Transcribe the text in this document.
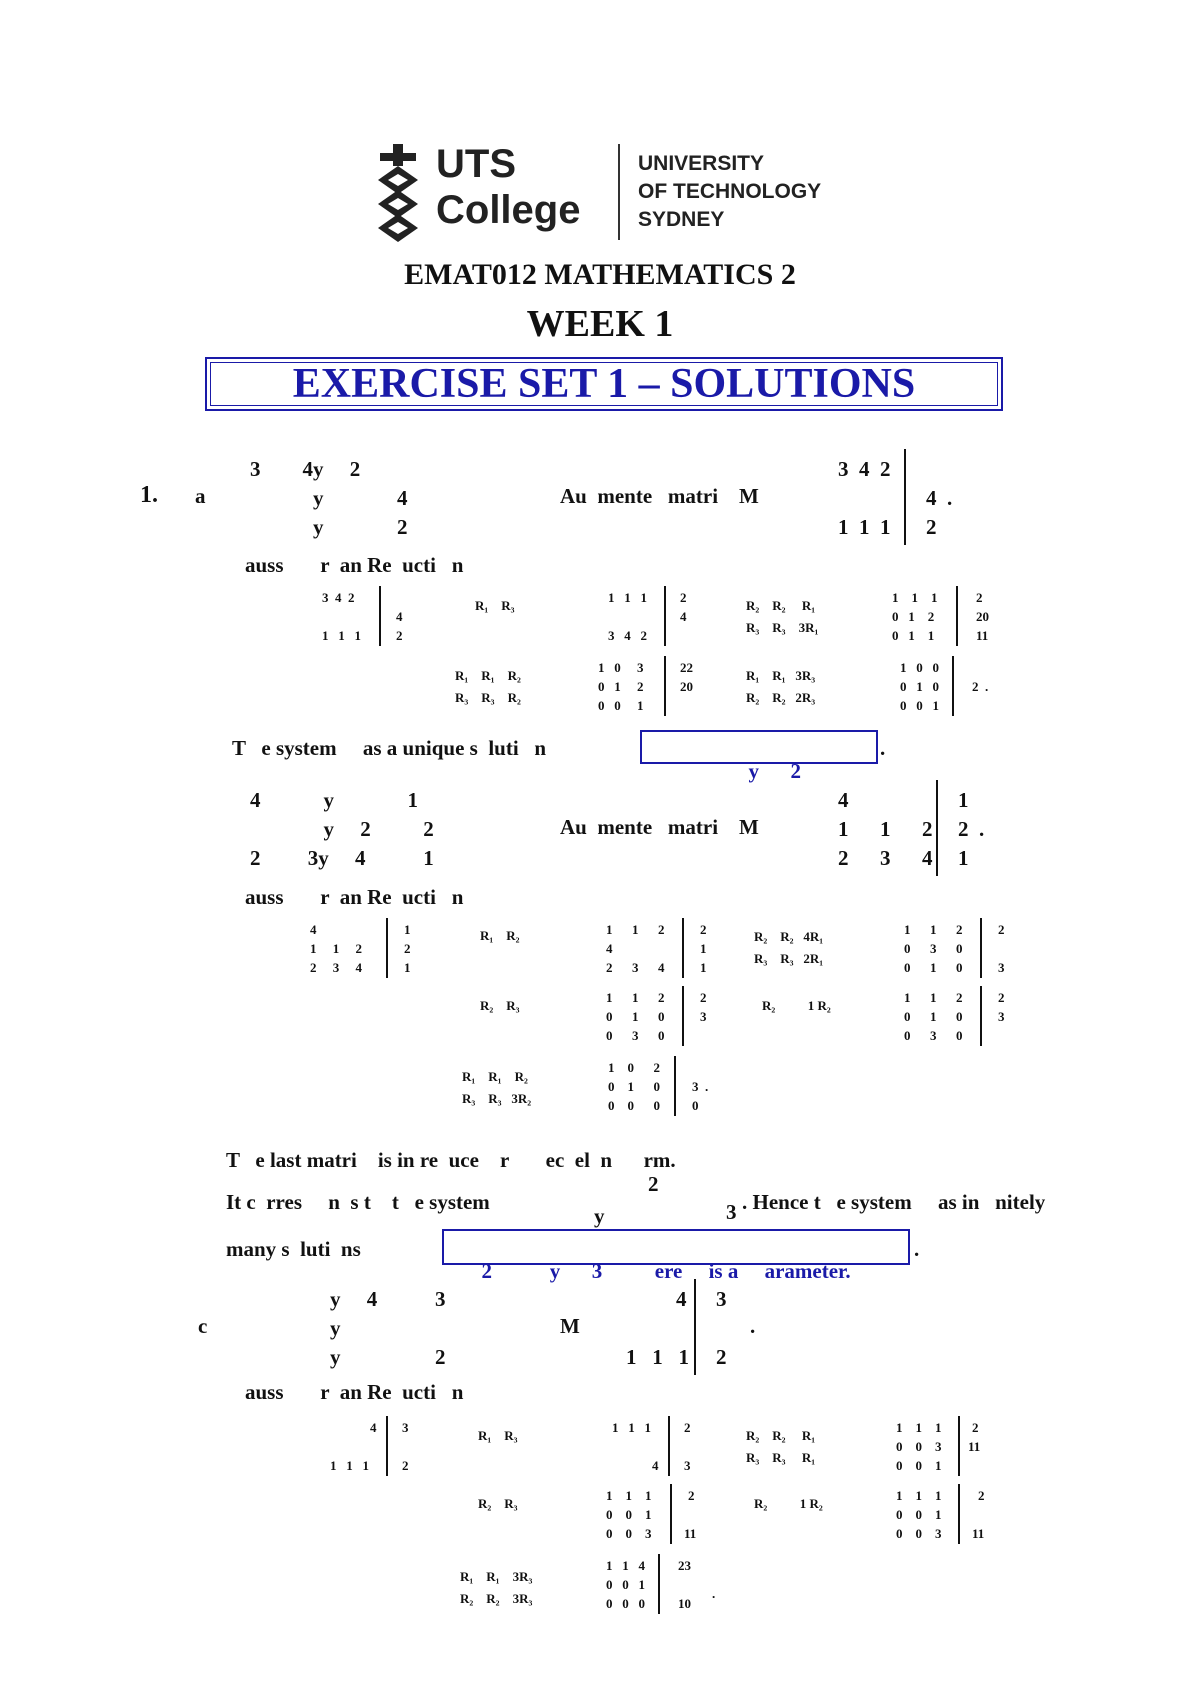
UTS
College
UNIVERSITY
OF TECHNOLOGY
SYDNEY
EMAT012 MATHEMATICS 2
WEEK 1
EXERCISE SET 1 – SOLUTIONS
1. a
3        4y     2
y              4
y              2
Au  mente   matri    M
3  4  2
1  1  1
4  .
2
auss       r  an Re  ucti   n
3  4  2
1   1   1
4
2
R₁    R₃
1   1   1
3   4   2
2
4
R₂    R₂     R₁
R₃    R₃    3R₁
1    1    1
0   1    2
0   1    1
2
20
11
R₁    R₁    R₂
R₃    R₃    R₂
1   0     3
0   1     2
0   0     1
22
20
R₁    R₁   3R₃
R₂    R₂   2R₃
1   0   0
0   1   0
0   0   1
2  .
T   e system     as a unique s  luti   n

y      2

.
4            y              1
y     2          2
2         3y     4           1
Au  mente   matri    M
4
1      1      2
2      3      4
1
2  .
1
auss       r  an Re  ucti   n
4
1     1     2
2     3     4
1
2
1
R₁    R₂	1      1      2
4
2      3      4
2
1
1
R₂    R₂   4R₁
R₃    R₃   2R₁
1      1      2
0      3      0
0      1      0
2
3
R₂    R₃
1      1      2
0      1      0
0      3      0
2
3
R₂          1 R₂
1      1      2
0      1      0
0      3      0
2
3
R₁    R₁    R₂
R₃    R₃   3R₂
1    0      2
0    1      0
0    0      0
3  .
0
T   e last matri    is in re  uce    r       ec  el  n      rm.
It c  rres     n  s t    t   e system
2
y	3 . Hence t   e system     as in   nitely
many s  luti  ns

2           y      3          ere     is a     arameter.

.
c
y     4           3
y
y                  2
M
4
1   1   1
3
2
.
auss       r  an Re  ucti   n
4
1   1   1
3
2
R₁    R₃
1   1   1
4
2
3
R₂    R₂     R₁
R₃    R₃     R₁
1    1    1
0    0    3
0    0    1
2
11
R₂    R₃
1    1    1
0    0    1
0    0    3
2
11
R₂          1 R₂
1    1    1
0    0    1
0    0    3
2
11
R₁    R₁    3R₃
R₂    R₂    3R₃
1   1   4
0   0   1
0   0   0
23
10
.
